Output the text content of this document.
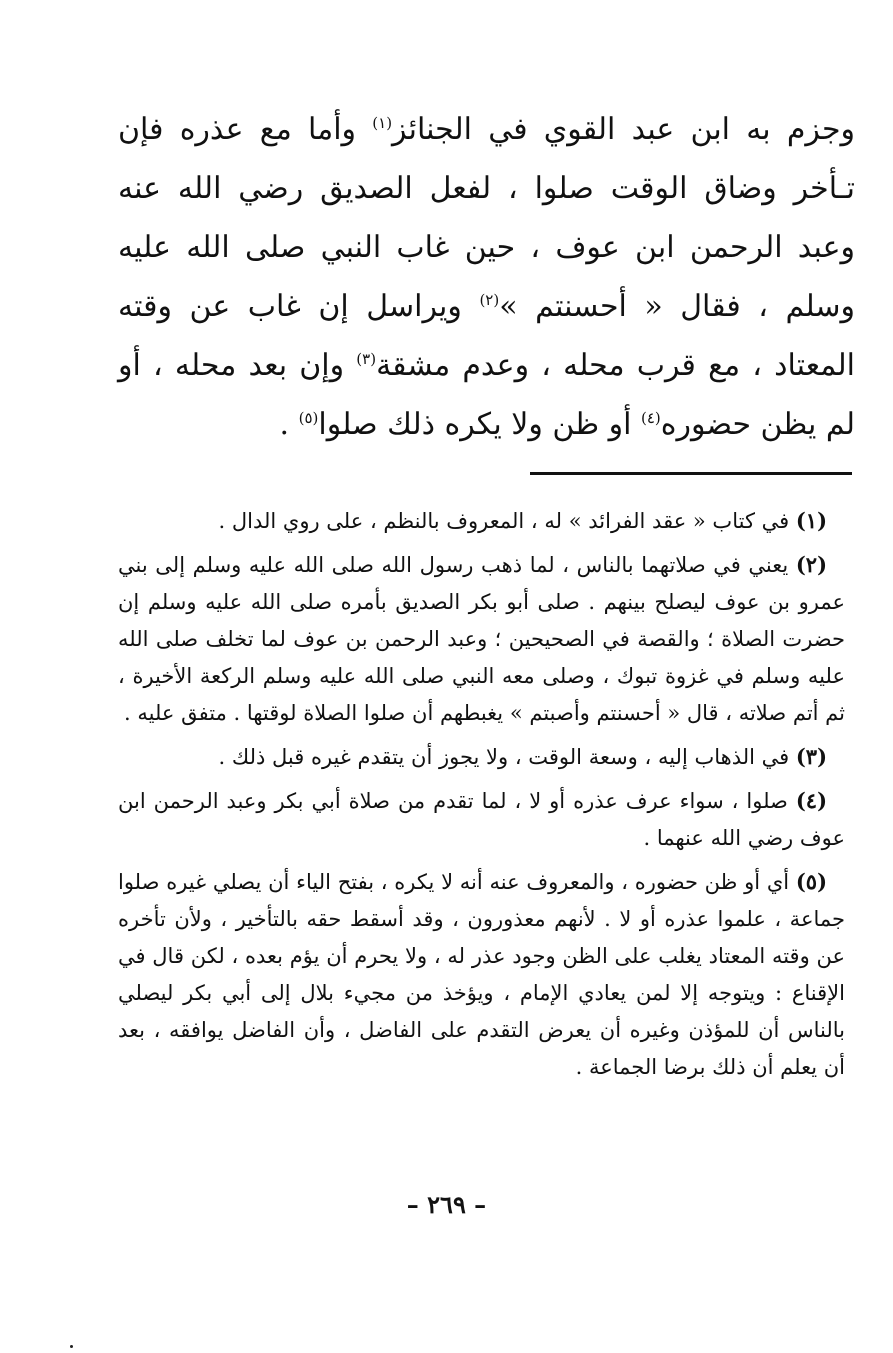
وجزم به ابن عبد القوي في الجنائز$^{(١)}$ وأما مع عذره فإن تـأخر وضاق الوقت صلوا ، لفعل الصديق رضي الله عنه وعبد الرحمن ابن عوف ، حين غاب النبي صلى الله عليه وسلم ، فقال « أحسنتم »$^{(٢)}$ ويراسل إن غاب عن وقته المعتاد ، مع قرب محله ، وعدم مشقة$^{(٣)}$ وإن بعد محله ، أو لم يظن حضوره$^{(٤)}$ أو ظن ولا يكره ذلك صلوا$^{(٥)}$ .

(١) في كتاب « عقد الفرائد » له ، المعروف بالنظم ، على روي الدال .

(٢) يعني في صلاتهما بالناس ، لما ذهب رسول الله صلى الله عليه وسلم إلى بني عمرو بن عوف ليصلح بينهم . صلى أبو بكر الصديق بأمره صلى الله عليه وسلم إن حضرت الصلاة ؛ والقصة في الصحيحين ؛ وعبد الرحمن بن عوف لما تخلف صلى الله عليه وسلم في غزوة تبوك ، وصلى معه النبي صلى الله عليه وسلم الركعة الأخيرة ، ثم أتم صلاته ، قال « أحسنتم وأصبتم » يغبطهم أن صلوا الصلاة لوقتها . متفق عليه .

(٣) في الذهاب إليه ، وسعة الوقت ، ولا يجوز أن يتقدم غيره قبل ذلك .

(٤) صلوا ، سواء عرف عذره أو لا ، لما تقدم من صلاة أبي بكر وعبد الرحمن ابن عوف رضي الله عنهما .

(٥) أي أو ظن حضوره ، والمعروف عنه أنه لا يكره ، بفتح الياء أن يصلي غيره صلوا جماعة ، علموا عذره أو لا . لأنهم معذورون ، وقد أسقط حقه بالتأخير ، ولأن تأخره عن وقته المعتاد يغلب على الظن وجود عذر له ، ولا يحرم أن يؤم بعده ، لكن قال في الإقناع : ويتوجه إلا لمن يعادي الإمام ، ويؤخذ من مجيء بلال إلى أبي بكر ليصلي بالناس أن للمؤذن وغيره أن يعرض التقدم على الفاضل ، وأن الفاضل يوافقه ، بعد أن يعلم أن ذلك برضا الجماعة .

– ٢٦٩ –
